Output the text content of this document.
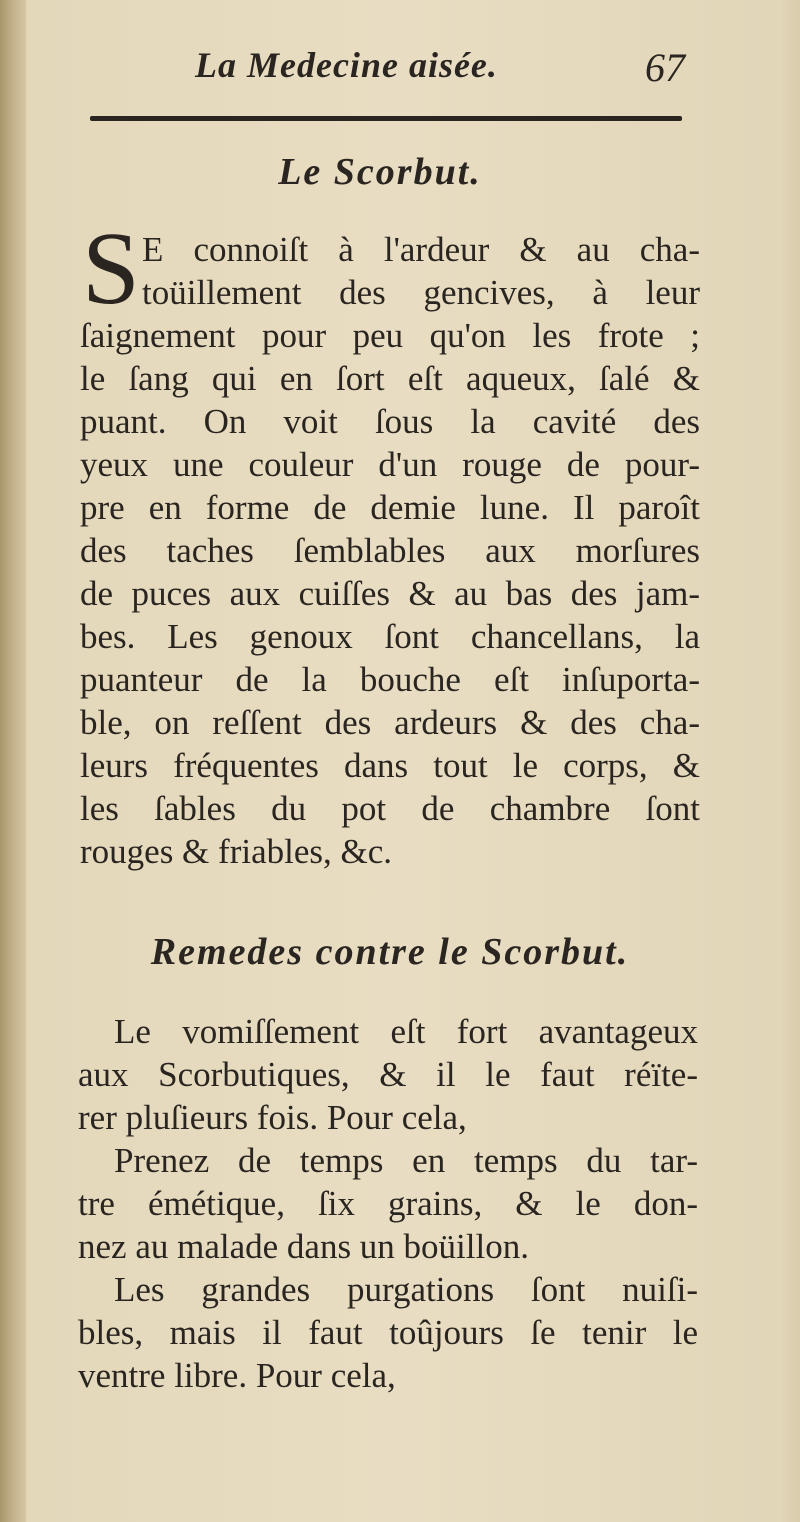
La Medecine aisée.	67
Le Scorbut.
S E connoiſt à l'ardeur & au cha-
toüillement des gencives, à leur
ſaignement pour peu qu'on les frote ;
le ſang qui en ſort eſt aqueux, ſalé &
puant. On voit ſous la cavité des
yeux une couleur d'un rouge de pour-
pre en forme de demie lune. Il paroît
des taches ſemblables aux morſures
de puces aux cuiſſes & au bas des jam-
bes. Les genoux ſont chancellans, la
puanteur de la bouche eſt inſuporta-
ble, on reſſent des ardeurs & des cha-
leurs fréquentes dans tout le corps, &
les ſables du pot de chambre ſont
rouges & friables, &c.
Remedes contre le Scorbut.
Le vomiſſement eſt fort avantageux
aux Scorbutiques, & il le faut réïte-
rer pluſieurs fois. Pour cela,
Prenez de temps en temps du tar-
tre émétique, ſix grains, & le don-
nez au malade dans un boüillon.
Les grandes purgations ſont nuiſi-
bles, mais il faut toûjours ſe tenir le
ventre libre. Pour cela,
